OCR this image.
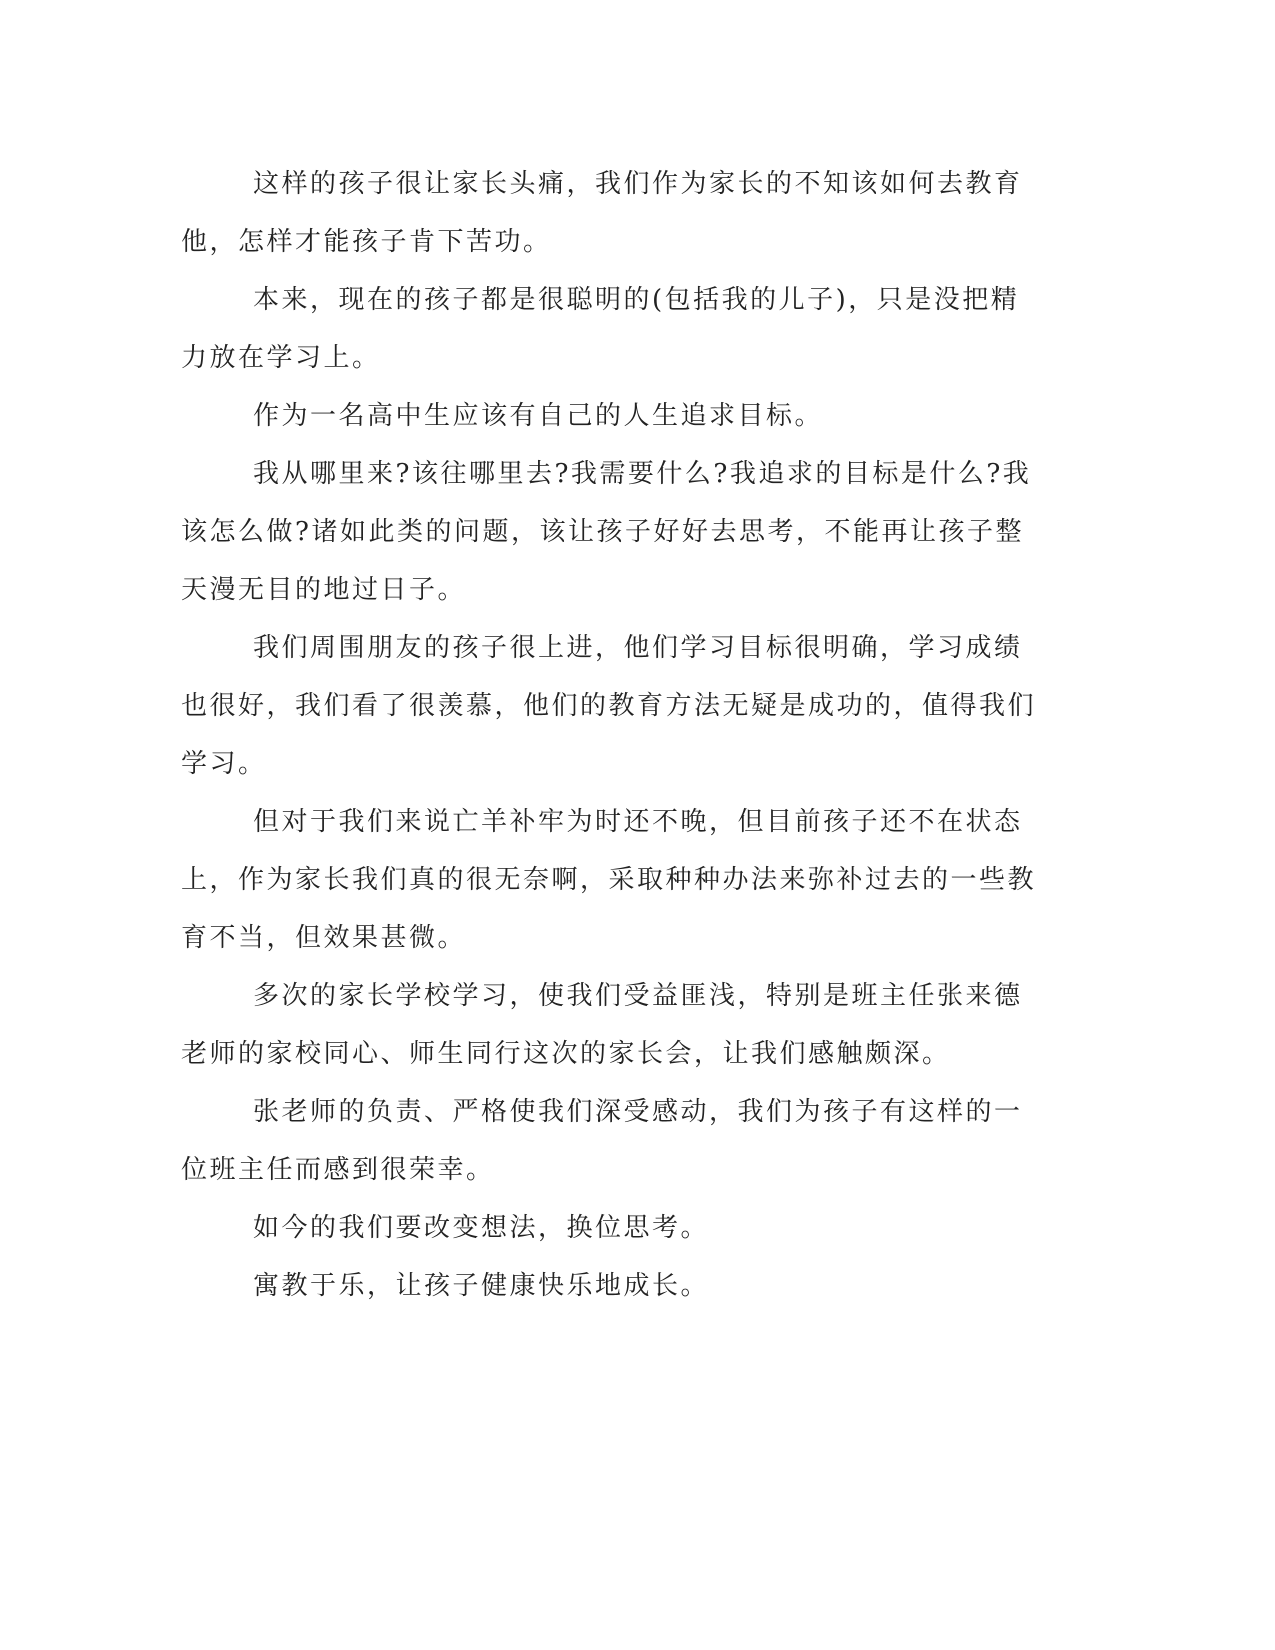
这样的孩子很让家长头痛，我们作为家长的不知该如何去教育他，怎样才能孩子肯下苦功。

本来，现在的孩子都是很聪明的(包括我的儿子)，只是没把精力放在学习上。

作为一名高中生应该有自己的人生追求目标。

我从哪里来?该往哪里去?我需要什么?我追求的目标是什么?我该怎么做?诸如此类的问题，该让孩子好好去思考，不能再让孩子整天漫无目的地过日子。

我们周围朋友的孩子很上进，他们学习目标很明确，学习成绩也很好，我们看了很羡慕，他们的教育方法无疑是成功的，值得我们学习。

但对于我们来说亡羊补牢为时还不晚，但目前孩子还不在状态上，作为家长我们真的很无奈啊，采取种种办法来弥补过去的一些教育不当，但效果甚微。

多次的家长学校学习，使我们受益匪浅，特别是班主任张来德老师的家校同心、师生同行这次的家长会，让我们感触颇深。

张老师的负责、严格使我们深受感动，我们为孩子有这样的一位班主任而感到很荣幸。

如今的我们要改变想法，换位思考。

寓教于乐，让孩子健康快乐地成长。
